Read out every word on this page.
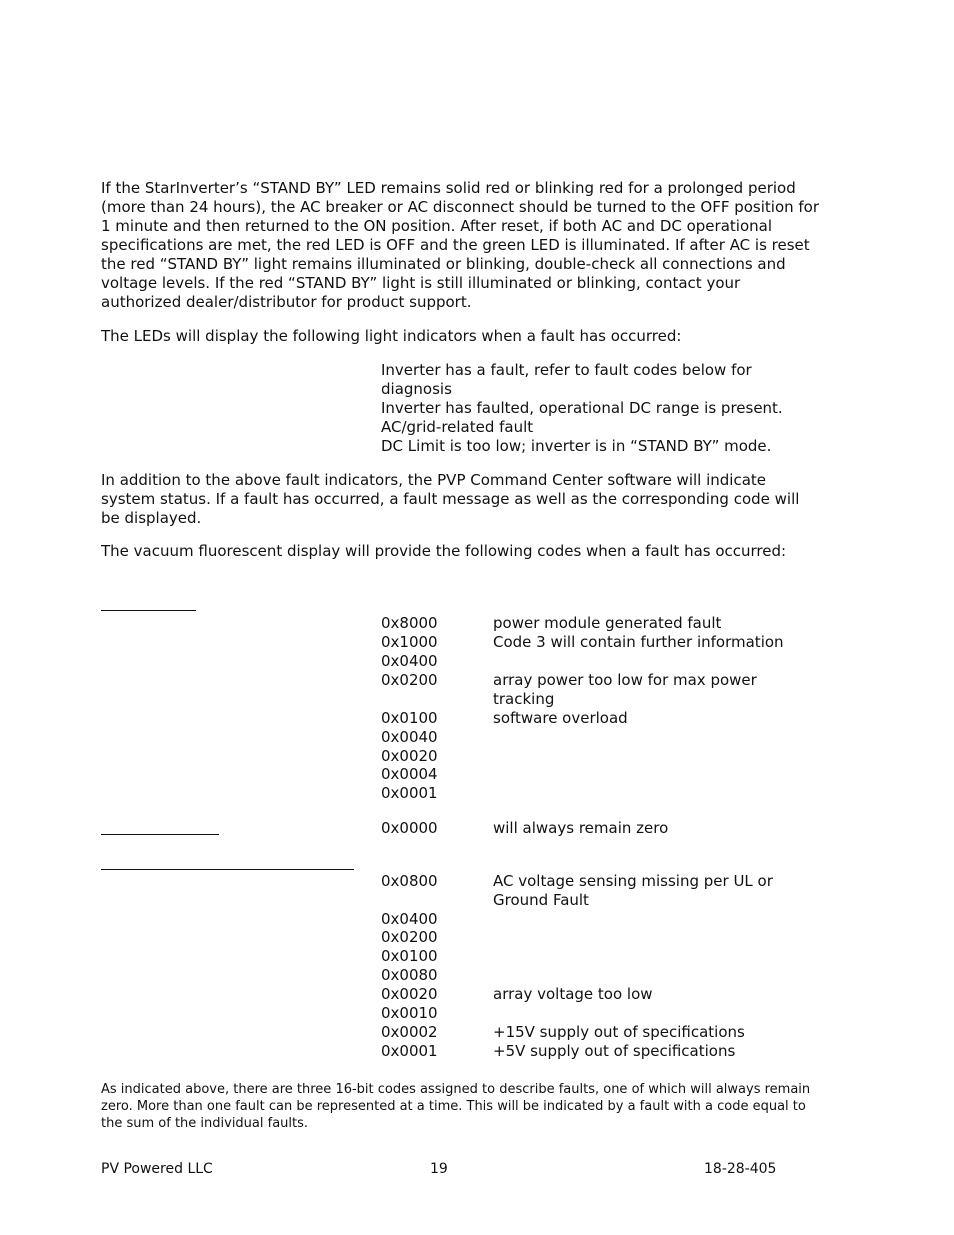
If the StarInverter’s “STAND BY” LED remains solid red or blinking red for a prolonged period (more than 24 hours), the AC breaker or AC disconnect should be turned to the OFF position for 1 minute and then returned to the ON position. After reset, if both AC and DC operational specifications are met, the red LED is OFF and the green LED is illuminated. If after AC is reset the red “STAND BY” light remains illuminated or blinking, double-check all connections and voltage levels. If the red “STAND BY” light is still illuminated or blinking, contact your authorized dealer/distributor for product support.

The LEDs will display the following light indicators when a fault has occurred:

Inverter has a fault, refer to fault codes below for diagnosis
Inverter has faulted, operational DC range is present.
AC/grid-related fault
DC Limit is too low; inverter is in “STAND BY” mode.

In addition to the above fault indicators, the PVP Command Center software will indicate system status. If a fault has occurred, a fault message as well as the corresponding code will be displayed.

The vacuum fluorescent display will provide the following codes when a fault has occurred:

0x8000	power module generated fault
0x1000	Code 3 will contain further information
0x0400
0x0200	array power too low for max power tracking
0x0100	software overload
0x0040
0x0020
0x0004
0x0001
0x0000	will always remain zero
0x0800	AC voltage sensing missing per UL or Ground Fault
0x0400
0x0200
0x0100
0x0080
0x0020	array voltage too low
0x0010
0x0002	+15V supply out of specifications
0x0001	+5V supply out of specifications

As indicated above, there are three 16-bit codes assigned to describe faults, one of which will always remain zero. More than one fault can be represented at a time. This will be indicated by a fault with a code equal to the sum of the individual faults.

PV Powered LLC	19	18-28-405
